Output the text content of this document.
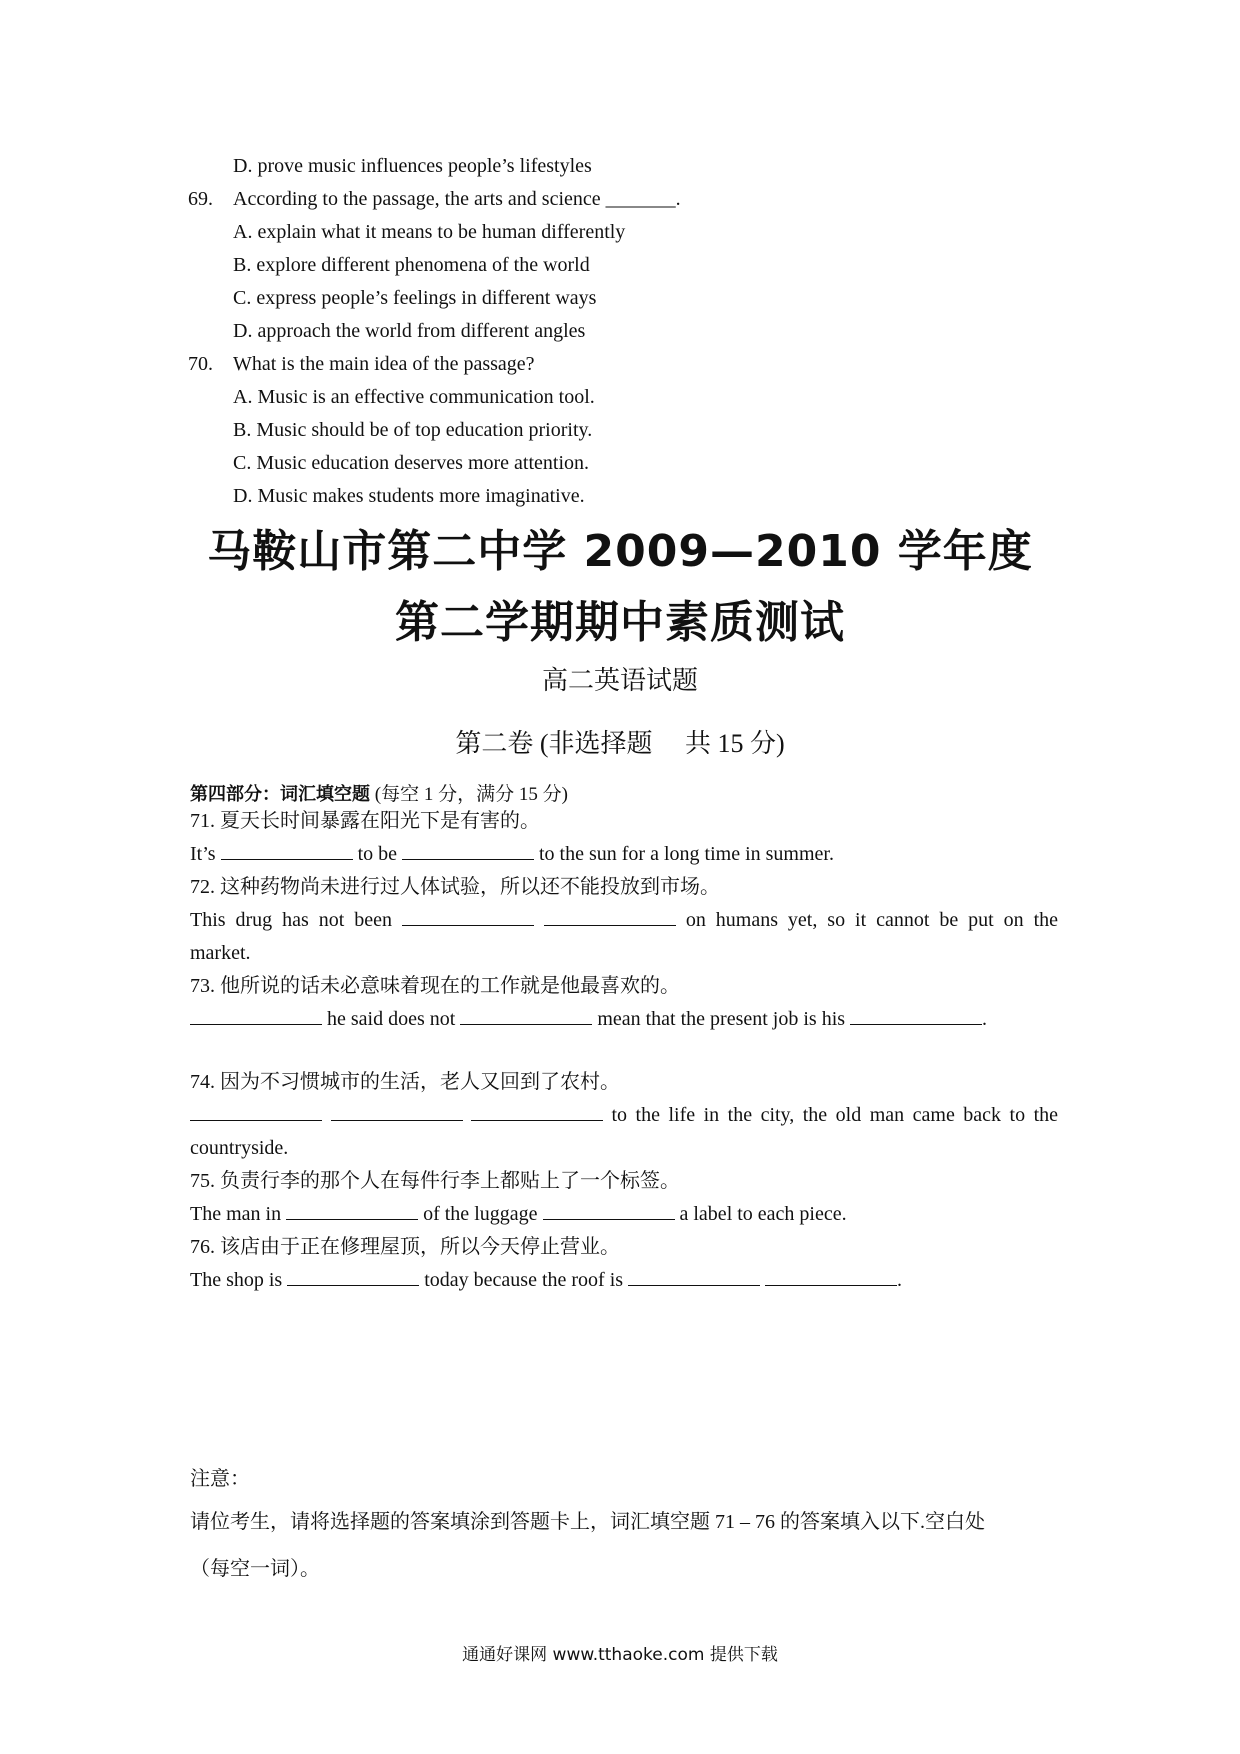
D. prove music influences people’s lifestyles
69. According to the passage, the arts and science _______.
A. explain what it means to be human differently
B. explore different phenomena of the world
C. express people’s feelings in different ways
D. approach the world from different angles
70. What is the main idea of the passage?
A. Music is an effective communication tool.
B. Music should be of top education priority.
C. Music education deserves more attention.
D. Music makes students more imaginative.
马鞍山市第二中学 2009—2010 学年度
第二学期期中素质测试
高二英语试题
第二卷 (非选择题　 共 15 分)
第四部分：词汇填空题 (每空 1 分，满分 15 分)
71. 夏天长时间暴露在阳光下是有害的。
It’s	to be	to the sun for a long time in summer.
72. 这种药物尚未进行过人体试验，所以还不能投放到市场。
This drug has not been	on humans yet, so it cannot be put on the
market.
73. 他所说的话未必意味着现在的工作就是他最喜欢的。
he said does not	mean that the present job is his	.
74. 因为不习惯城市的生活，老人又回到了农村。
to the life in the city, the old man came back to the
countryside.
75. 负责行李的那个人在每件行李上都贴上了一个标签。
The man in	of the luggage	a label to each piece.
76. 该店由于正在修理屋顶，所以今天停止营业。
The shop is	today because the roof is	.
注意：
请位考生，请将选择题的答案填涂到答题卡上，词汇填空题 71 – 76 的答案填入以下.空白处
（每空一词）。
通通好课网 www.tthaoke.com 提供下载
